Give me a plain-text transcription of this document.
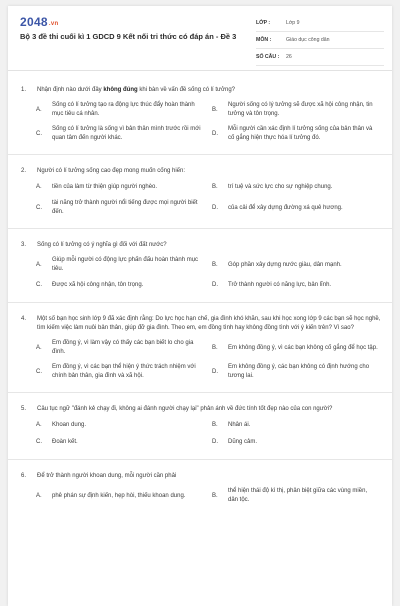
2048.vn
Bộ 3 đề thi cuối kì 1 GDCD 9 Kết nối tri thức có đáp án - Đề 3
LỚP :	Lớp 9
MÔN :	Giáo dục công dân
SỐ CÂU :	26
1.	Nhận định nào dưới đây không đúng khi bàn về vấn đề sống có lí tưởng?
A.
Sống có lí tưởng tạo ra động lực thúc đẩy hoàn thành mục tiêu cá nhân.
B.
Người sống có lý tưởng sẽ được xã hội công nhận, tin tưởng và tôn trọng.
C.
Sống có lí tưởng là sống vì bản thân mình trước rồi mới quan tâm đến người khác.
D.
Mỗi người cần xác định lí tưởng sống của bản thân và cố gắng hiện thực hóa lí tưởng đó.
2.	Người có lí tưởng sống cao đẹp mong muốn cống hiến:
A.	tiền của làm từ thiện giúp người nghèo.	B.	trí tuệ và sức lực cho sự nghiệp chung.
C.
tài năng trở thành người nổi tiếng được mọi người biết đến.
D.	của cải để xây dựng đường xá quê hương.
3.	Sống có lí tưởng có ý nghĩa gì đối với đất nước?
A.
Giúp mỗi người có động lực phấn đấu hoàn thành mục tiêu.
B.	Góp phần xây dựng nước giàu, dân mạnh.
C.	Được xã hội công nhận, tôn trọng.	D.	Trở thành người có năng lực, bản lĩnh.
4.	Một số bạn học sinh lớp 9 đã xác định rằng: Do lực học hạn chế, gia đình khó khăn, sau khi học xong lớp 9 các bạn sẽ học nghề, tìm kiếm việc làm nuôi bản thân, giúp đỡ gia đình. Theo em, em đồng tình hay không đồng tình với ý kiến trên? Vì sao?
A.
Em đồng ý, vì làm vậy có thấy các bạn biết lo cho gia đình.
B.	Em không đồng ý, vì các bạn không cố gắng để học tập.
C.
Em đồng ý, vì các bạn thể hiện ý thức trách nhiệm với chính bản thân, gia đình và xã hội.
D.
Em không đồng ý, các bạn không có định hướng cho tương lai.
5.	Câu tục ngữ "đánh kẻ chạy đi, không ai đánh người chạy lại" phản ánh về đức tính tốt đẹp nào của con người?
A.	Khoan dung.	B.	Nhân ái.
C.	Đoàn kết.	D.	Dũng cảm.
6.	Để trở thành người khoan dung, mỗi người cần phải
A.	phê phán sự định kiến, hẹp hòi, thiếu khoan dung.	B.
thể hiện thái độ kì thị, phân biệt giữa các vùng miền, dân tộc.
